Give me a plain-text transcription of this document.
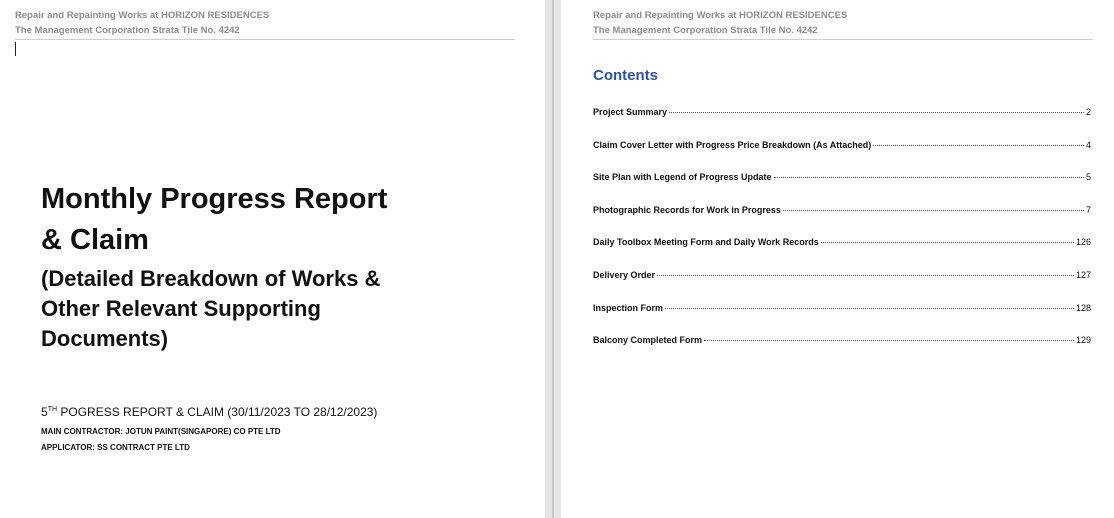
Repair and Repainting Works at HORIZON RESIDENCES
The Management Corporation Strata Tile No. 4242
Monthly Progress Report
& Claim
(Detailed Breakdown of Works &
Other Relevant Supporting
Documents)
5TH POGRESS REPORT & CLAIM (30/11/2023 TO 28/12/2023)
MAIN CONTRACTOR: JOTUN PAINT(SINGAPORE) CO PTE LTD
APPLICATOR: SS CONTRACT PTE LTD
Repair and Repainting Works at HORIZON RESIDENCES
The Management Corporation Strata Tile No. 4242
Contents
Project Summary	2
Claim Cover Letter with Progress Price Breakdown (As Attached)	4
Site Plan with Legend of Progress Update	5
Photographic Records for Work in Progress	7
Daily Toolbox Meeting Form and Daily Work Records	126
Delivery Order	127
Inspection Form	128
Balcony Completed Form	129
